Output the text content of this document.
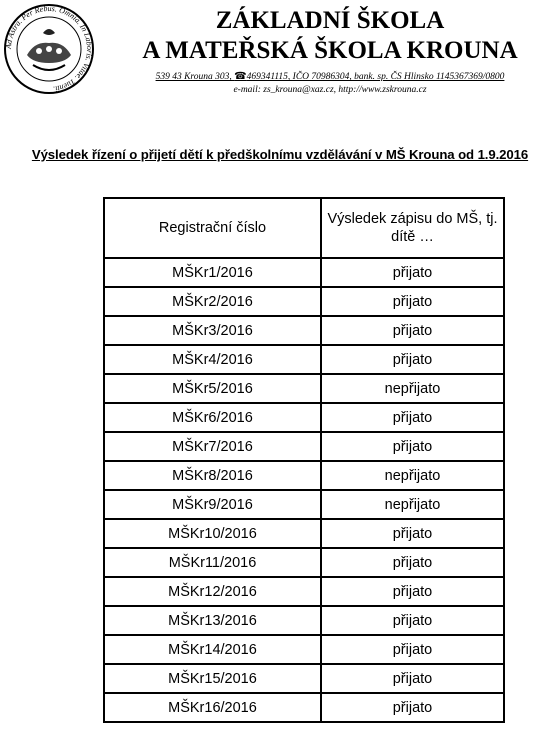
Ad Astra. Per Rebus. Omnia. In Laboris. Vitae. Tuenti.
ZÁKLADNÍ ŠKOLA
A MATEŘSKÁ ŠKOLA KROUNA
539 43 Krouna 303, ☎469341115, IČO 70986304, bank. sp. ČS Hlinsko 1145367369/0800
e-mail: zs_krouna@xaz.cz, http://www.zskrouna.cz
Výsledek řízení o přijetí dětí k předškolnímu vzdělávání v MŠ Krouna od 1.9.2016
Registrační číslo	Výsledek zápisu do MŠ, tj. dítě …
MŠKr1/2016	přijato
MŠKr2/2016	přijato
MŠKr3/2016	přijato
MŠKr4/2016	přijato
MŠKr5/2016	nepřijato
MŠKr6/2016	přijato
MŠKr7/2016	přijato
MŠKr8/2016	nepřijato
MŠKr9/2016	nepřijato
MŠKr10/2016	přijato
MŠKr11/2016	přijato
MŠKr12/2016	přijato
MŠKr13/2016	přijato
MŠKr14/2016	přijato
MŠKr15/2016	přijato
MŠKr16/2016	přijato
